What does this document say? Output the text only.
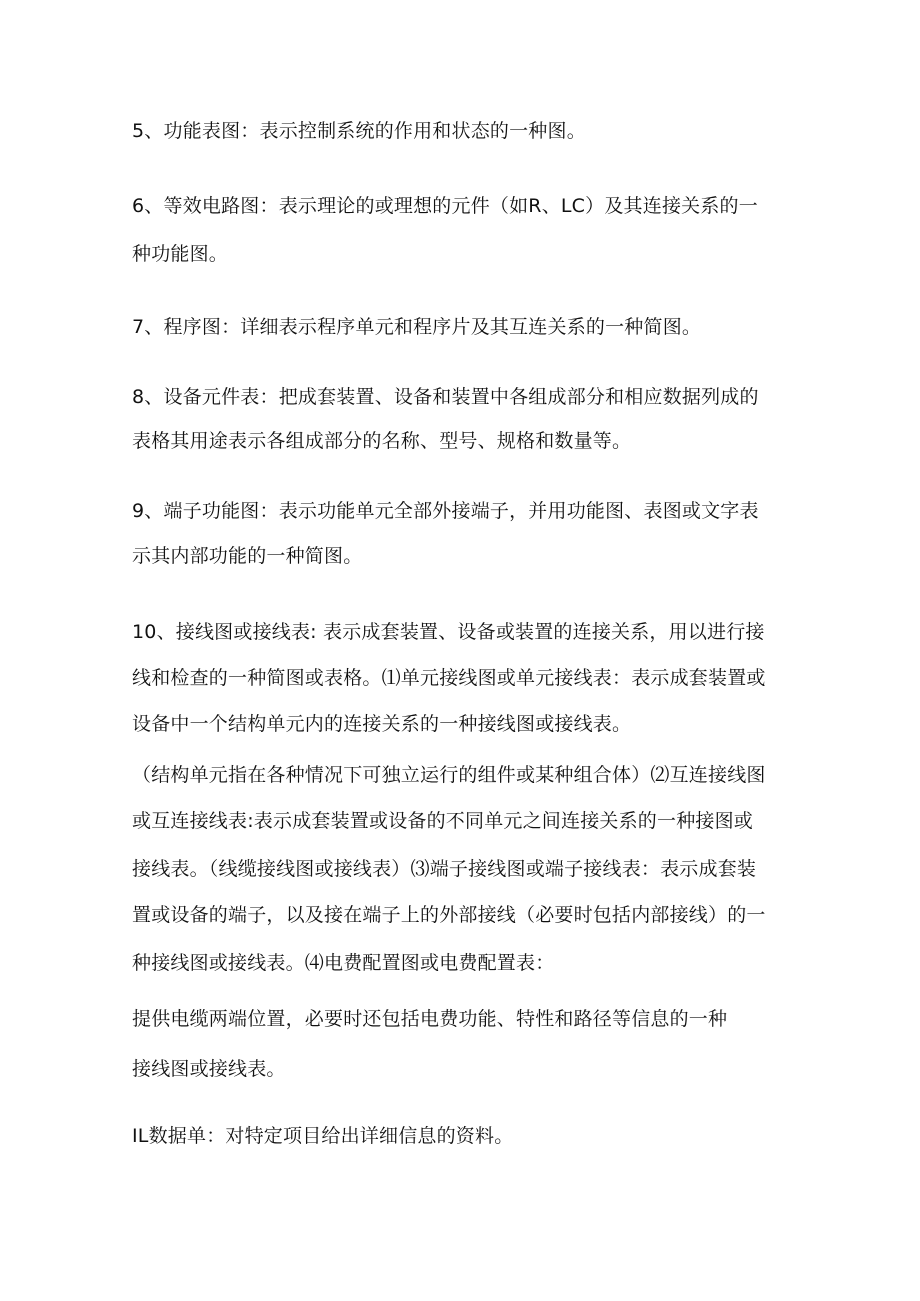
5、功能表图：表示控制系统的作用和状态的一种图。
6、等效电路图：表示理论的或理想的元件（如R、LC）及其连接关系的一
种功能图。
7、程序图：详细表示程序单元和程序片及其互连关系的一种简图。
8、设备元件表：把成套装置、设备和装置中各组成部分和相应数据列成的
表格其用途表示各组成部分的名称、型号、规格和数量等。
9、端子功能图：表示功能单元全部外接端子，并用功能图、表图或文字表
示其内部功能的一种简图。
10、接线图或接线表: 表示成套装置、设备或装置的连接关系，用以进行接
线和检查的一种简图或表格。⑴单元接线图或单元接线表：表示成套装置或
设备中一个结构单元内的连接关系的一种接线图或接线表。
（结构单元指在各种情况下可独立运行的组件或某种组合体）⑵互连接线图
或互连接线表:表示成套装置或设备的不同单元之间连接关系的一种接图或
接线表。（线缆接线图或接线表）⑶端子接线图或端子接线表：表示成套装
置或设备的端子，以及接在端子上的外部接线（必要时包括内部接线）的一
种接线图或接线表。⑷电费配置图或电费配置表：
提供电缆两端位置，必要时还包括电费功能、特性和路径等信息的一种
接线图或接线表。
IL数据单：对特定项目给出详细信息的资料。
